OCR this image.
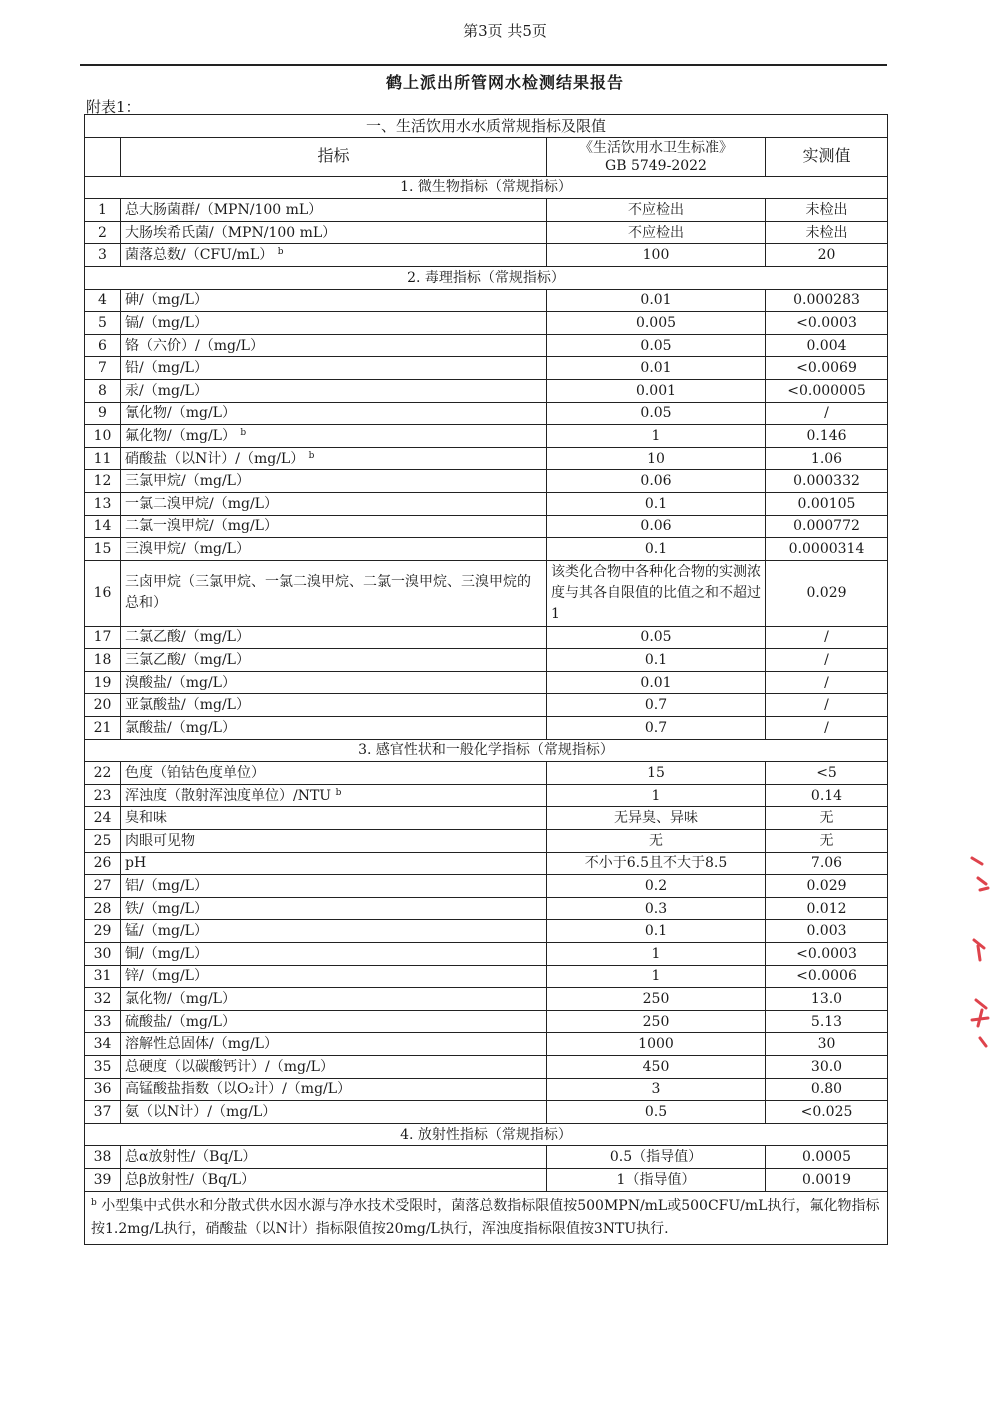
第3页 共5页
鹤上派出所管网水检测结果报告
附表1：
一、生活饮用水水质常规指标及限值			
	指标	《生活饮用水卫生标准》
GB 5749-2022	实测值
1. 微生物指标（常规指标）			
1	总大肠菌群/（MPN/100 mL）	不应检出	未检出
2	大肠埃希氏菌/（MPN/100 mL）	不应检出	未检出
3	菌落总数/（CFU/mL） $^b$	100	20
2. 毒理指标（常规指标）			
4	砷/（mg/L）	0.01	0.000283
5	镉/（mg/L）	0.005	<0.0003
6	铬（六价）/（mg/L）	0.05	0.004
7	铅/（mg/L）	0.01	<0.0069
8	汞/（mg/L）	0.001	<0.000005
9	氰化物/（mg/L）	0.05	/
10	氟化物/（mg/L） $^b$	1	0.146
11	硝酸盐（以N计）/（mg/L） $^b$	10	1.06
12	三氯甲烷/（mg/L）	0.06	0.000332
13	一氯二溴甲烷/（mg/L）	0.1	0.00105
14	二氯一溴甲烷/（mg/L）	0.06	0.000772
15	三溴甲烷/（mg/L）	0.1	0.0000314
16	三卤甲烷（三氯甲烷、一氯二溴甲烷、二氯一溴甲烷、三溴甲烷的总和）	该类化合物中各种化合物的实测浓度与其各自限值的比值之和不超过1	0.029
17	二氯乙酸/（mg/L）	0.05	/
18	三氯乙酸/（mg/L）	0.1	/
19	溴酸盐/（mg/L）	0.01	/
20	亚氯酸盐/（mg/L）	0.7	/
21	氯酸盐/（mg/L）	0.7	/
3. 感官性状和一般化学指标（常规指标）			
22	色度（铂钴色度单位）	15	<5
23	浑浊度（散射浑浊度单位）/NTU $^b$	1	0.14
24	臭和味	无异臭、异味	无
25	肉眼可见物	无	无
26	pH	不小于6.5且不大于8.5	7.06
27	铝/（mg/L）	0.2	0.029
28	铁/（mg/L）	0.3	0.012
29	锰/（mg/L）	0.1	0.003
30	铜/（mg/L）	1	<0.0003
31	锌/（mg/L）	1	<0.0006
32	氯化物/（mg/L）	250	13.0
33	硫酸盐/（mg/L）	250	5.13
34	溶解性总固体/（mg/L）	1000	30
35	总硬度（以碳酸钙计）/（mg/L）	450	30.0
36	高锰酸盐指数（以O₂计）/（mg/L）	3	0.80
37	氨（以N计）/（mg/L）	0.5	<0.025
4. 放射性指标（常规指标）			
38	总α放射性/（Bq/L）	0.5（指导值）	0.0005
39	总β放射性/（Bq/L）	1（指导值）	0.0019
$^b$ 小型集中式供水和分散式供水因水源与净水技术受限时，菌落总数指标限值按500MPN/mL或500CFU/mL执行，氟化物指标按1.2mg/L执行，硝酸盐（以N计）指标限值按20mg/L执行，浑浊度指标限值按3NTU执行.			
